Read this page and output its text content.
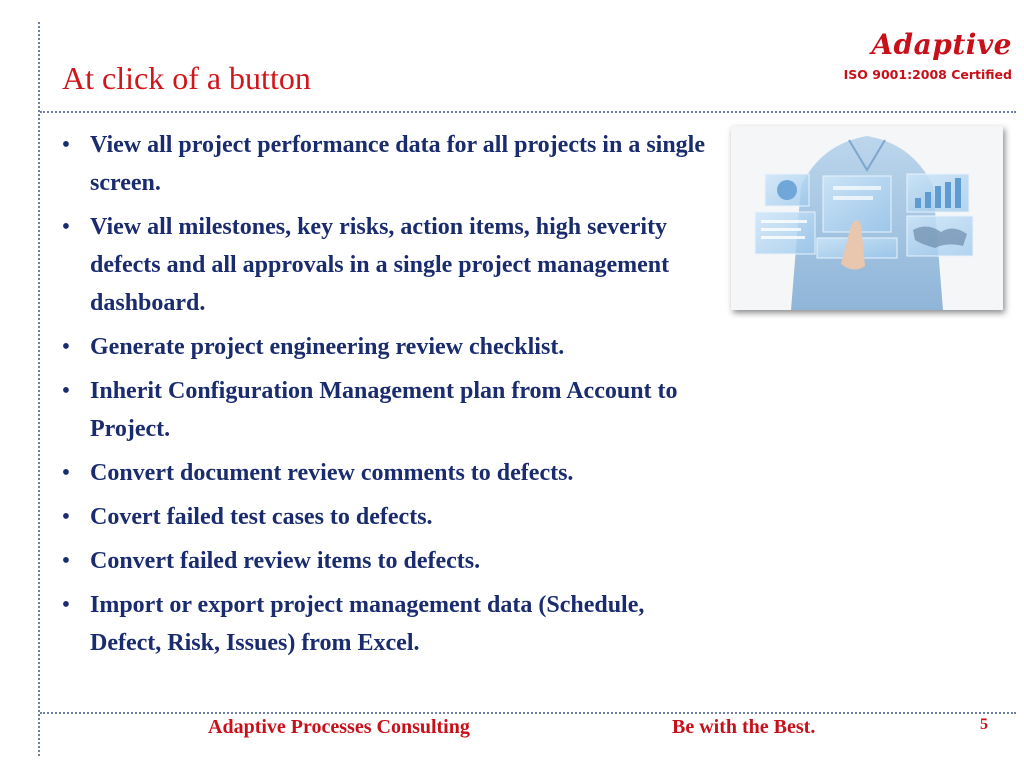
At click of a button
Adaptive
ISO 9001:2008 Certified
• View all project performance data for all projects in a single screen.
• View all milestones, key risks, action items, high severity defects and all approvals in a single project management dashboard.
• Generate project engineering review checklist.
• Inherit Configuration Management plan from Account to Project.
• Convert document review comments to defects.
• Covert failed test cases to defects.
• Convert failed review items to defects.
• Import or export project management data (Schedule, Defect, Risk, Issues) from Excel.
Adaptive Processes Consulting	Be with the Best.	5
